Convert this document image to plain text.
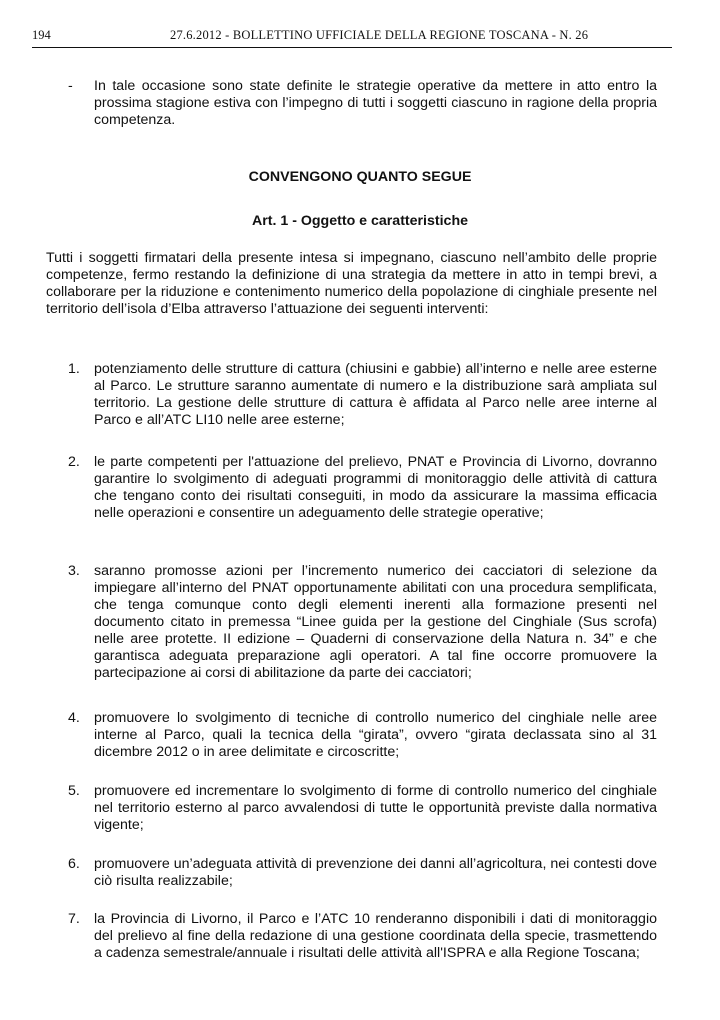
194	27.6.2012 - BOLLETTINO UFFICIALE DELLA REGIONE TOSCANA - N. 26
- In tale occasione sono state definite le strategie operative da mettere in atto entro la prossima stagione estiva con l’impegno di tutti i soggetti ciascuno in ragione della propria competenza.
CONVENGONO QUANTO SEGUE
Art. 1 - Oggetto e caratteristiche
Tutti i soggetti firmatari della presente intesa si impegnano, ciascuno nell’ambito delle proprie competenze, fermo restando la definizione di una strategia da mettere in atto in tempi brevi, a collaborare per la riduzione e contenimento numerico della popolazione di cinghiale presente nel territorio dell’isola d’Elba attraverso l’attuazione dei seguenti interventi:
1. potenziamento delle strutture di cattura (chiusini e gabbie) all’interno e nelle aree esterne al Parco. Le strutture saranno aumentate di numero e la distribuzione sarà ampliata sul territorio. La gestione delle strutture di cattura è affidata al Parco nelle aree interne al Parco e all’ATC LI10 nelle aree esterne;
2. le parte competenti per l'attuazione del prelievo, PNAT e Provincia di Livorno, dovranno garantire lo svolgimento di adeguati programmi di monitoraggio delle attività di cattura che tengano conto dei risultati conseguiti, in modo da assicurare la massima efficacia nelle operazioni e consentire un adeguamento delle strategie operative;
3. saranno promosse azioni per l’incremento numerico dei cacciatori di selezione da impiegare all’interno del PNAT opportunamente abilitati con una procedura semplificata, che tenga comunque conto degli elementi inerenti alla formazione presenti nel documento citato in premessa “Linee guida per la gestione del Cinghiale (Sus scrofa) nelle aree protette. II edizione – Quaderni di conservazione della Natura n. 34” e che garantisca adeguata preparazione agli operatori. A tal fine occorre promuovere la partecipazione ai corsi di abilitazione da parte dei cacciatori;
4. promuovere lo svolgimento di tecniche di controllo numerico del cinghiale nelle aree interne al Parco, quali la tecnica della “girata”, ovvero “girata declassata sino al 31 dicembre 2012 o in aree delimitate e circoscritte;
5. promuovere ed incrementare lo svolgimento di forme di controllo numerico del cinghiale nel territorio esterno al parco avvalendosi di tutte le opportunità previste dalla normativa vigente;
6. promuovere un’adeguata attività di prevenzione dei danni all’agricoltura, nei contesti dove ciò risulta realizzabile;
7. la Provincia di Livorno, il Parco e l’ATC 10 renderanno disponibili i dati di monitoraggio del prelievo al fine della redazione di una gestione coordinata della specie, trasmettendo a cadenza semestrale/annuale i risultati delle attività all'ISPRA e alla Regione Toscana;
